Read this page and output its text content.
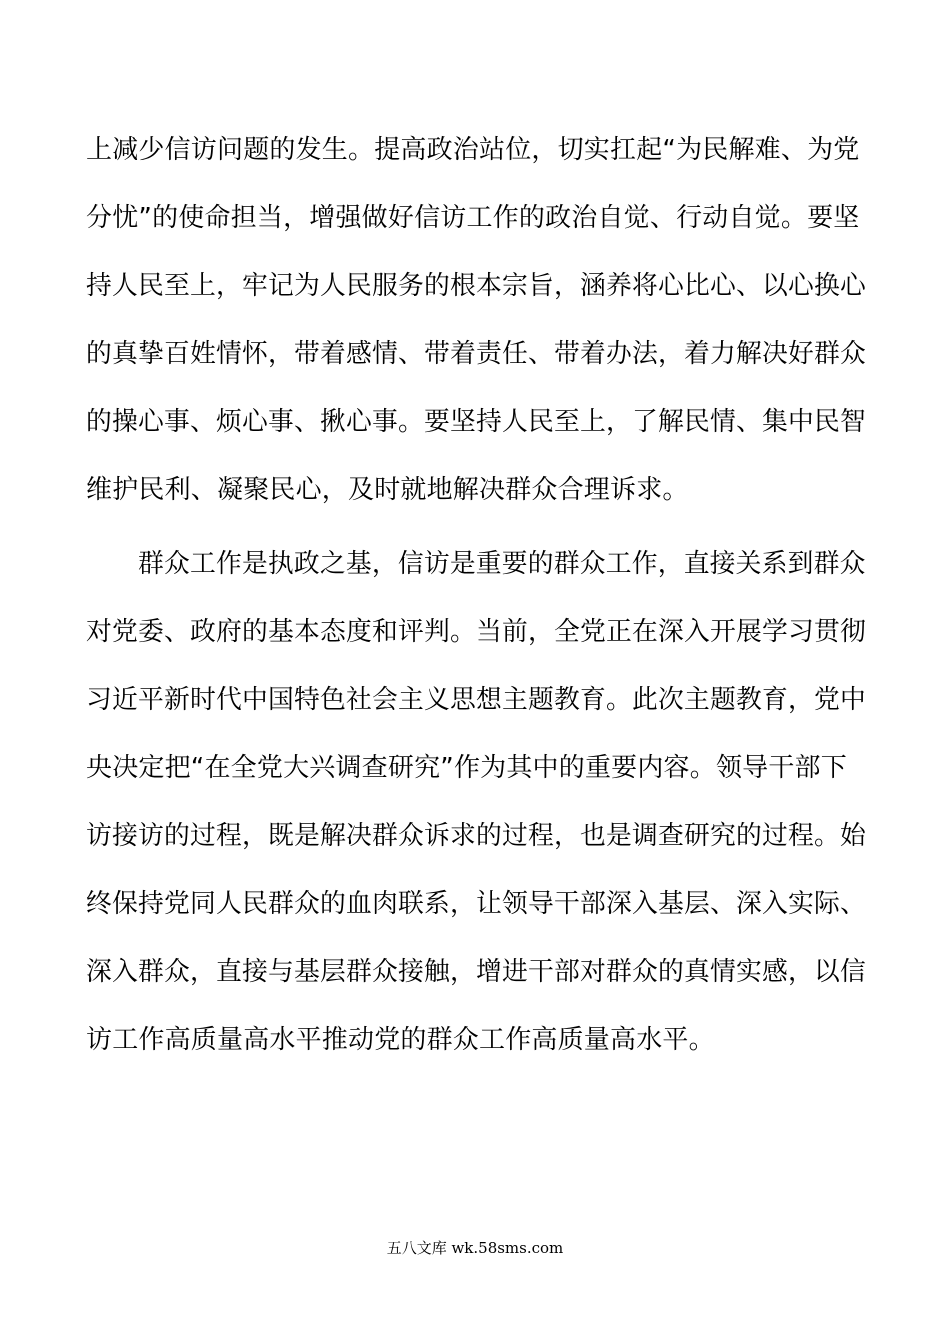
上减少信访问题的发生。提高政治站位，切实扛起“为民解难、为党
分忧”的使命担当，增强做好信访工作的政治自觉、行动自觉。要坚
持人民至上，牢记为人民服务的根本宗旨，涵养将心比心、以心换心
的真挚百姓情怀，带着感情、带着责任、带着办法，着力解决好群众
的操心事、烦心事、揪心事。要坚持人民至上，了解民情、集中民智
维护民利、凝聚民心，及时就地解决群众合理诉求。
群众工作是执政之基，信访是重要的群众工作，直接关系到群众
对党委、政府的基本态度和评判。当前，全党正在深入开展学习贯彻
习近平新时代中国特色社会主义思想主题教育。此次主题教育，党中
央决定把“在全党大兴调查研究”作为其中的重要内容。领导干部下
访接访的过程，既是解决群众诉求的过程，也是调查研究的过程。始
终保持党同人民群众的血肉联系，让领导干部深入基层、深入实际、
深入群众，直接与基层群众接触，增进干部对群众的真情实感，以信
访工作高质量高水平推动党的群众工作高质量高水平。
五八文库 wk.58sms.com
